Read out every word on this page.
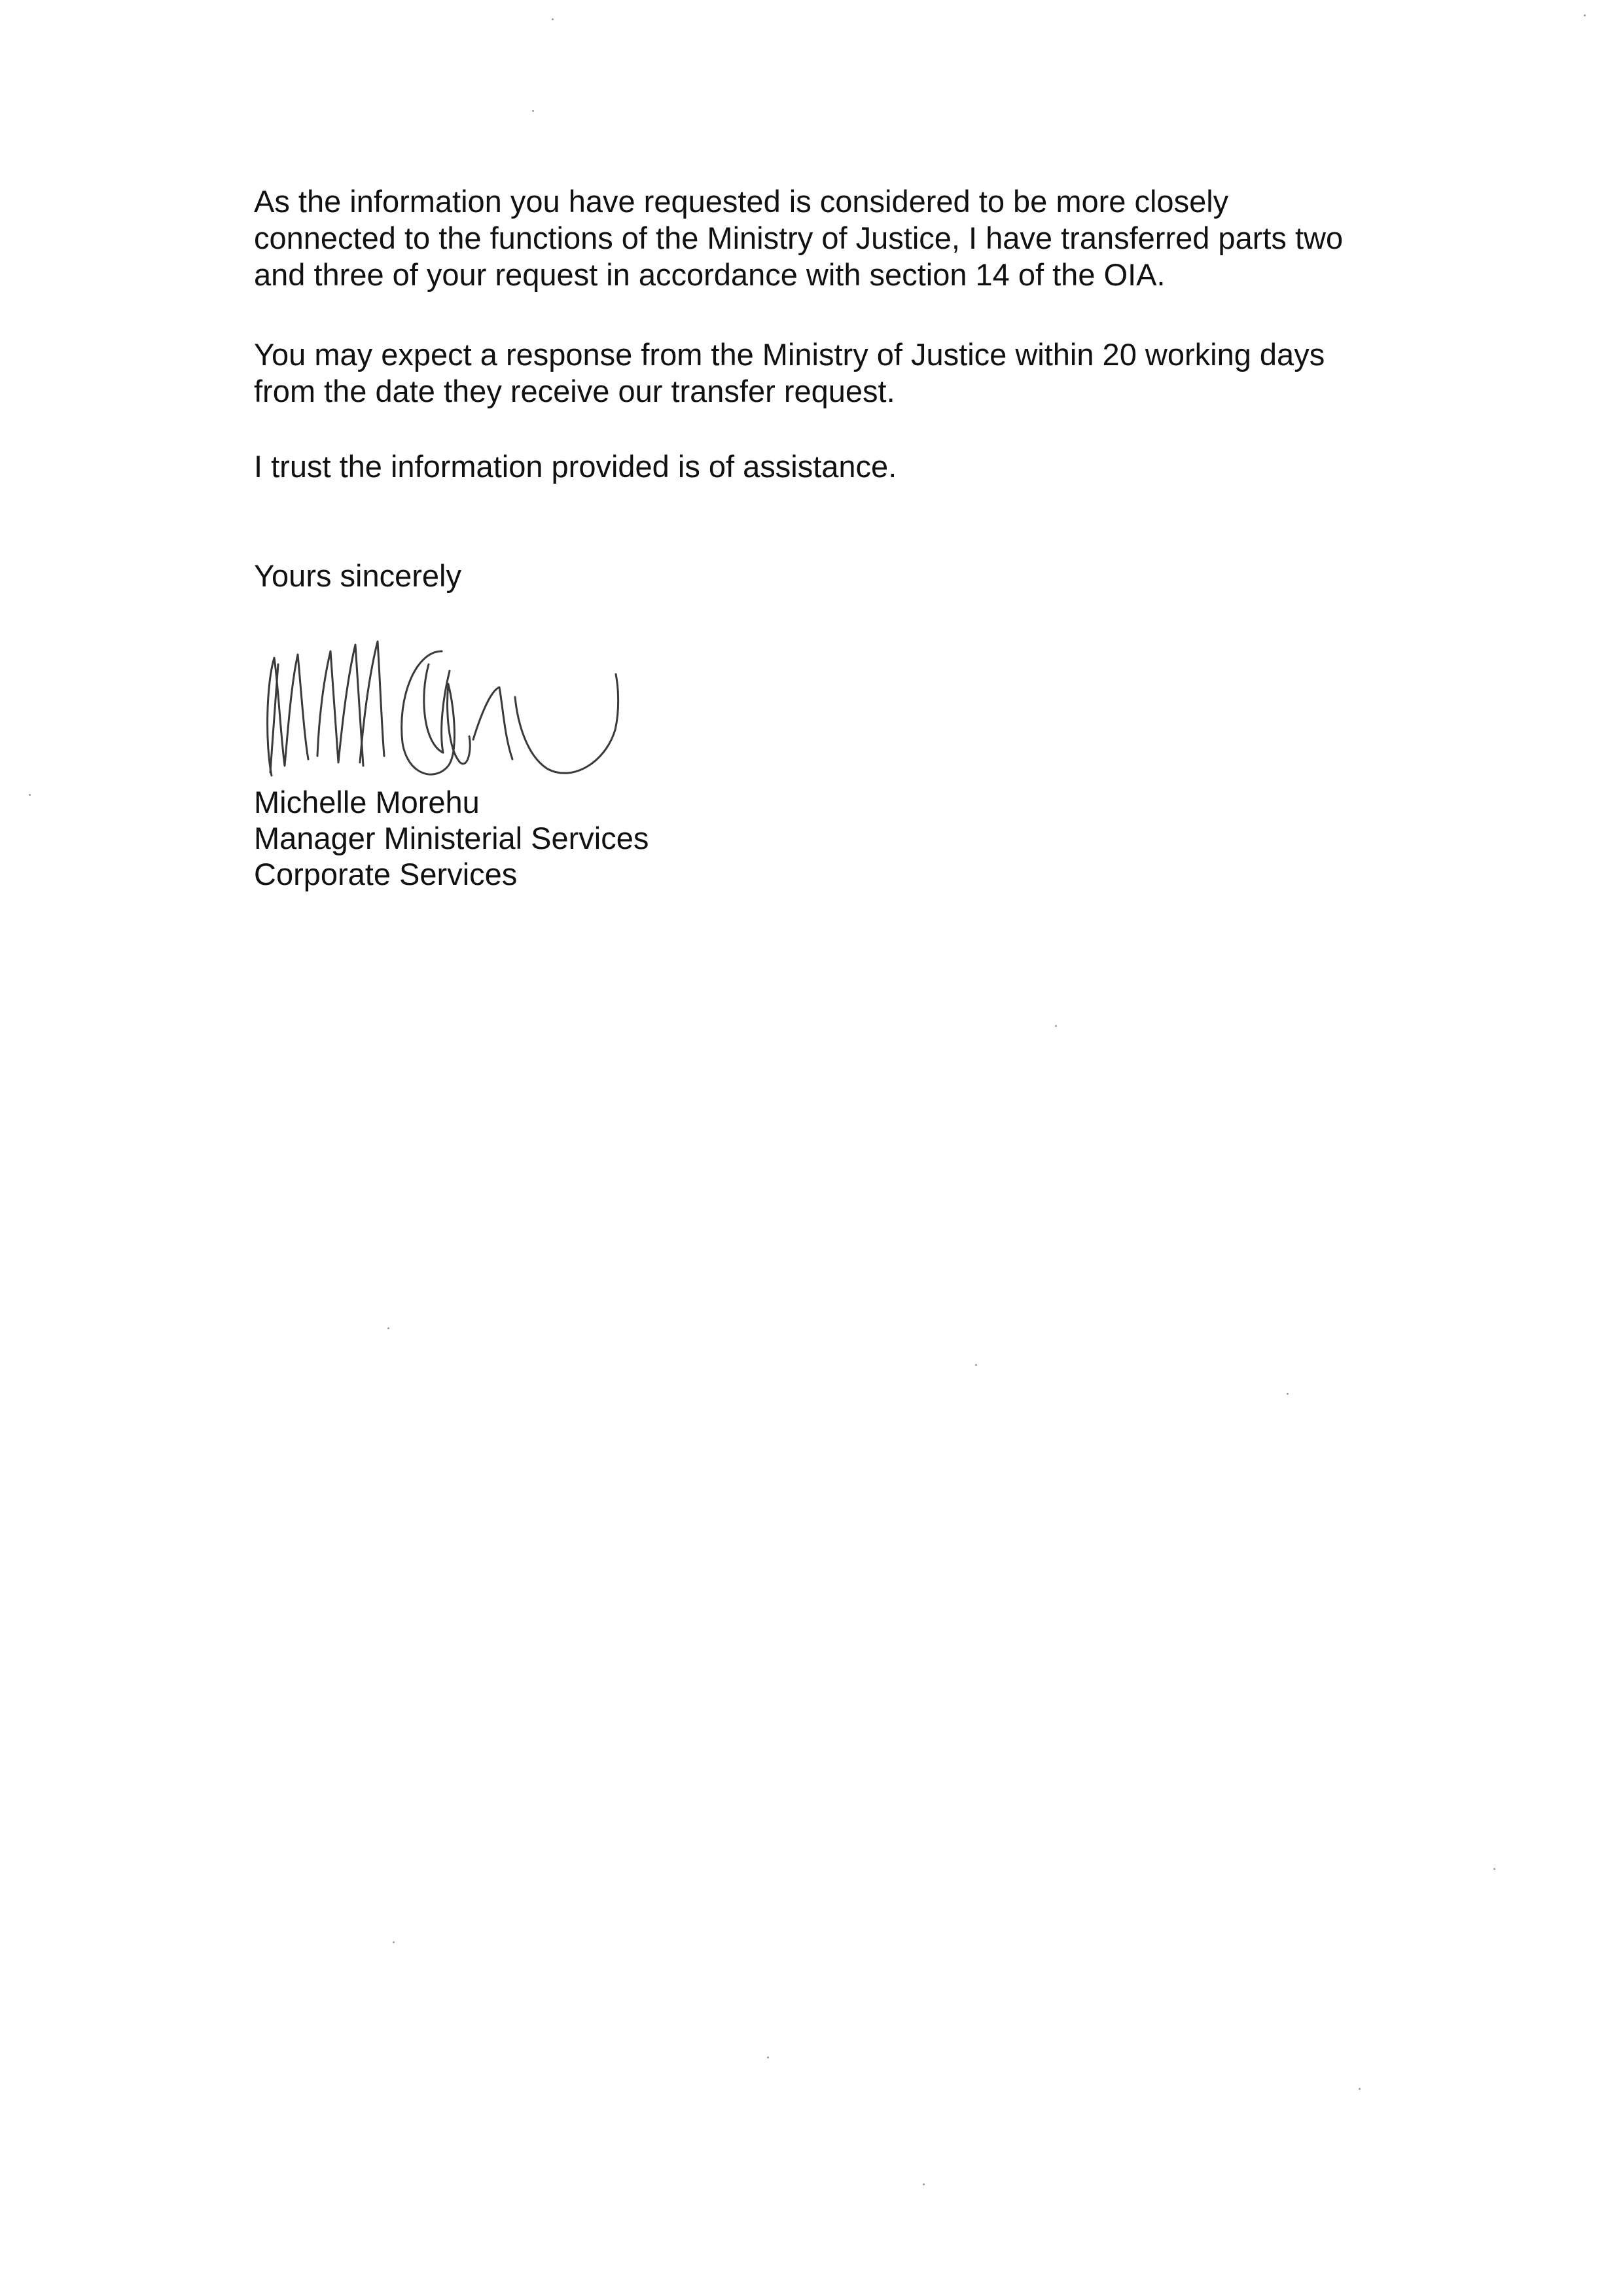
As the information you have requested is considered to be more closely
connected to the functions of the Ministry of Justice, I have transferred parts two
and three of your request in accordance with section 14 of the OIA.

You may expect a response from the Ministry of Justice within 20 working days
from the date they receive our transfer request.

I trust the information provided is of assistance.

Yours sincerely

Michelle Morehu
Manager Ministerial Services
Corporate Services
